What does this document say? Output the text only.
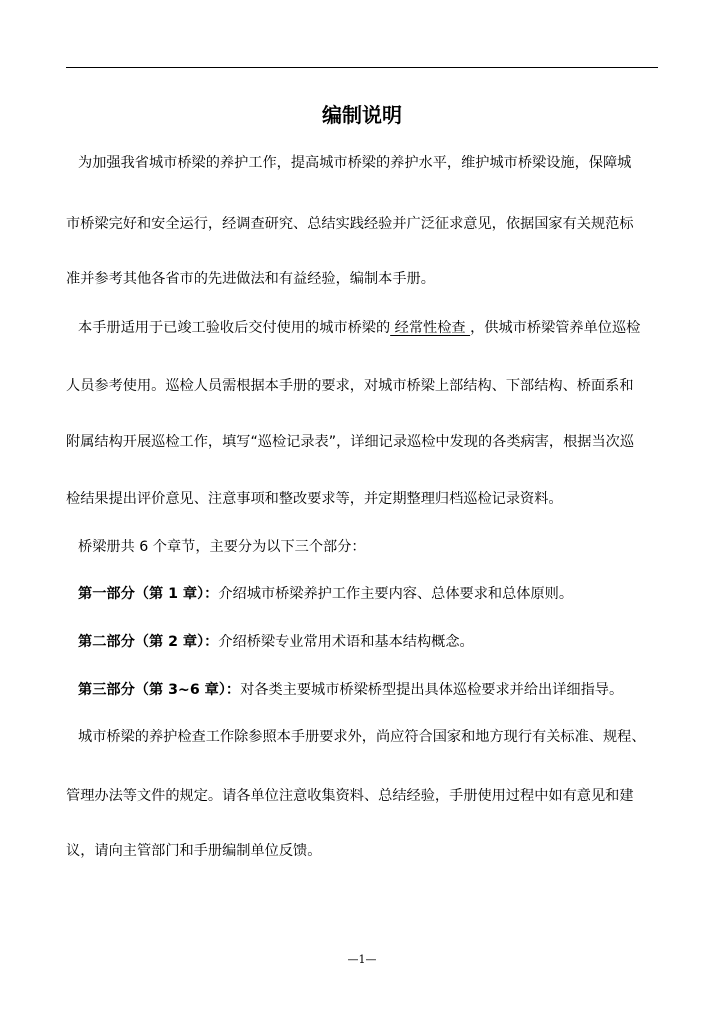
编制说明
为加强我省城市桥梁的养护工作，提高城市桥梁的养护水平，维护城市桥梁设施，保障城
市桥梁完好和安全运行，经调查研究、总结实践经验并广泛征求意见，依据国家有关规范标
准并参考其他各省市的先进做法和有益经验，编制本手册。
本手册适用于已竣工验收后交付使用的城市桥梁的 经常性检查 ，供城市桥梁管养单位巡检
人员参考使用。巡检人员需根据本手册的要求，对城市桥梁上部结构、下部结构、桥面系和
附属结构开展巡检工作，填写“巡检记录表”，详细记录巡检中发现的各类病害，根据当次巡
检结果提出评价意见、注意事项和整改要求等，并定期整理归档巡检记录资料。
桥梁册共 6 个章节，主要分为以下三个部分：
第一部分（第 1 章）：介绍城市桥梁养护工作主要内容、总体要求和总体原则。
第二部分（第 2 章）：介绍桥梁专业常用术语和基本结构概念。
第三部分（第 3~6 章）：对各类主要城市桥梁桥型提出具体巡检要求并给出详细指导。
城市桥梁的养护检查工作除参照本手册要求外，尚应符合国家和地方现行有关标准、规程、
管理办法等文件的规定。请各单位注意收集资料、总结经验，手册使用过程中如有意见和建
议，请向主管部门和手册编制单位反馈。
—1—
